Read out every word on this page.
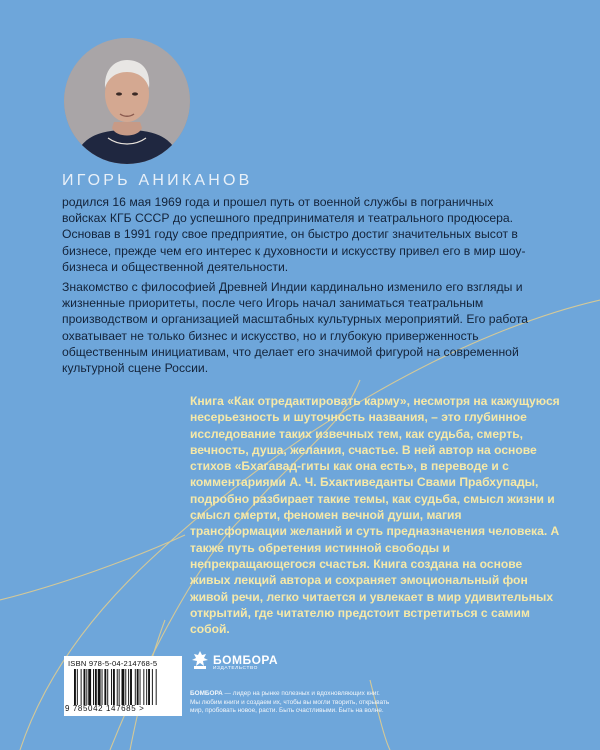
ИГОРЬ АНИКАНОВ

родился 16 мая 1969 года и прошел путь от военной службы в пограничных войсках КГБ СССР до успешного предпринимателя и театрального продюсера. Основав в 1991 году свое предприятие, он быстро достиг значительных высот в бизнесе, прежде чем его интерес к духовности и искусству привел его в мир шоу-бизнеса и общественной деятельности.

Знакомство с философией Древней Индии кардинально изменило его взгляды и жизненные приоритеты, после чего Игорь начал заниматься театральным производством и организацией масштабных культурных мероприятий. Его работа охватывает не только бизнес и искусство, но и глубокую приверженность общественным инициативам, что делает его значимой фигурой на современной культурной сцене России.

Книга «Как отредактировать карму», несмотря на кажущуюся несерьезность и шуточность названия, – это глубинное исследование таких извечных тем, как судьба, смерть, вечность, душа, желания, счастье. В ней автор на основе стихов «Бхагавад-гиты как она есть», в переводе и с комментариями А. Ч. Бхактиведанты Свами Прабхупады, подробно разбирает такие темы, как судьба, смысл жизни и смысл смерти, феномен вечной души, магия трансформации желаний и суть предназначения человека. А также путь обретения истинной свободы и непрекращающегося счастья. Книга создана на основе живых лекций автора и сохраняет эмоциональный фон живой речи, легко читается и увлекает в мир удивительных открытий, где читателю предстоит встретиться с самим собой.
ISBN 978-5-04-214768-5
9 785042 147685 >
БОМБОРА
ИЗДАТЕЛЬСТВО
БОМБОРА — лидер на рынке полезных и вдохновляющих книг. Мы любим книги и создаем их, чтобы вы могли творить, открывать мир, пробовать новое, расти. Быть счастливыми. Быть на волне.
